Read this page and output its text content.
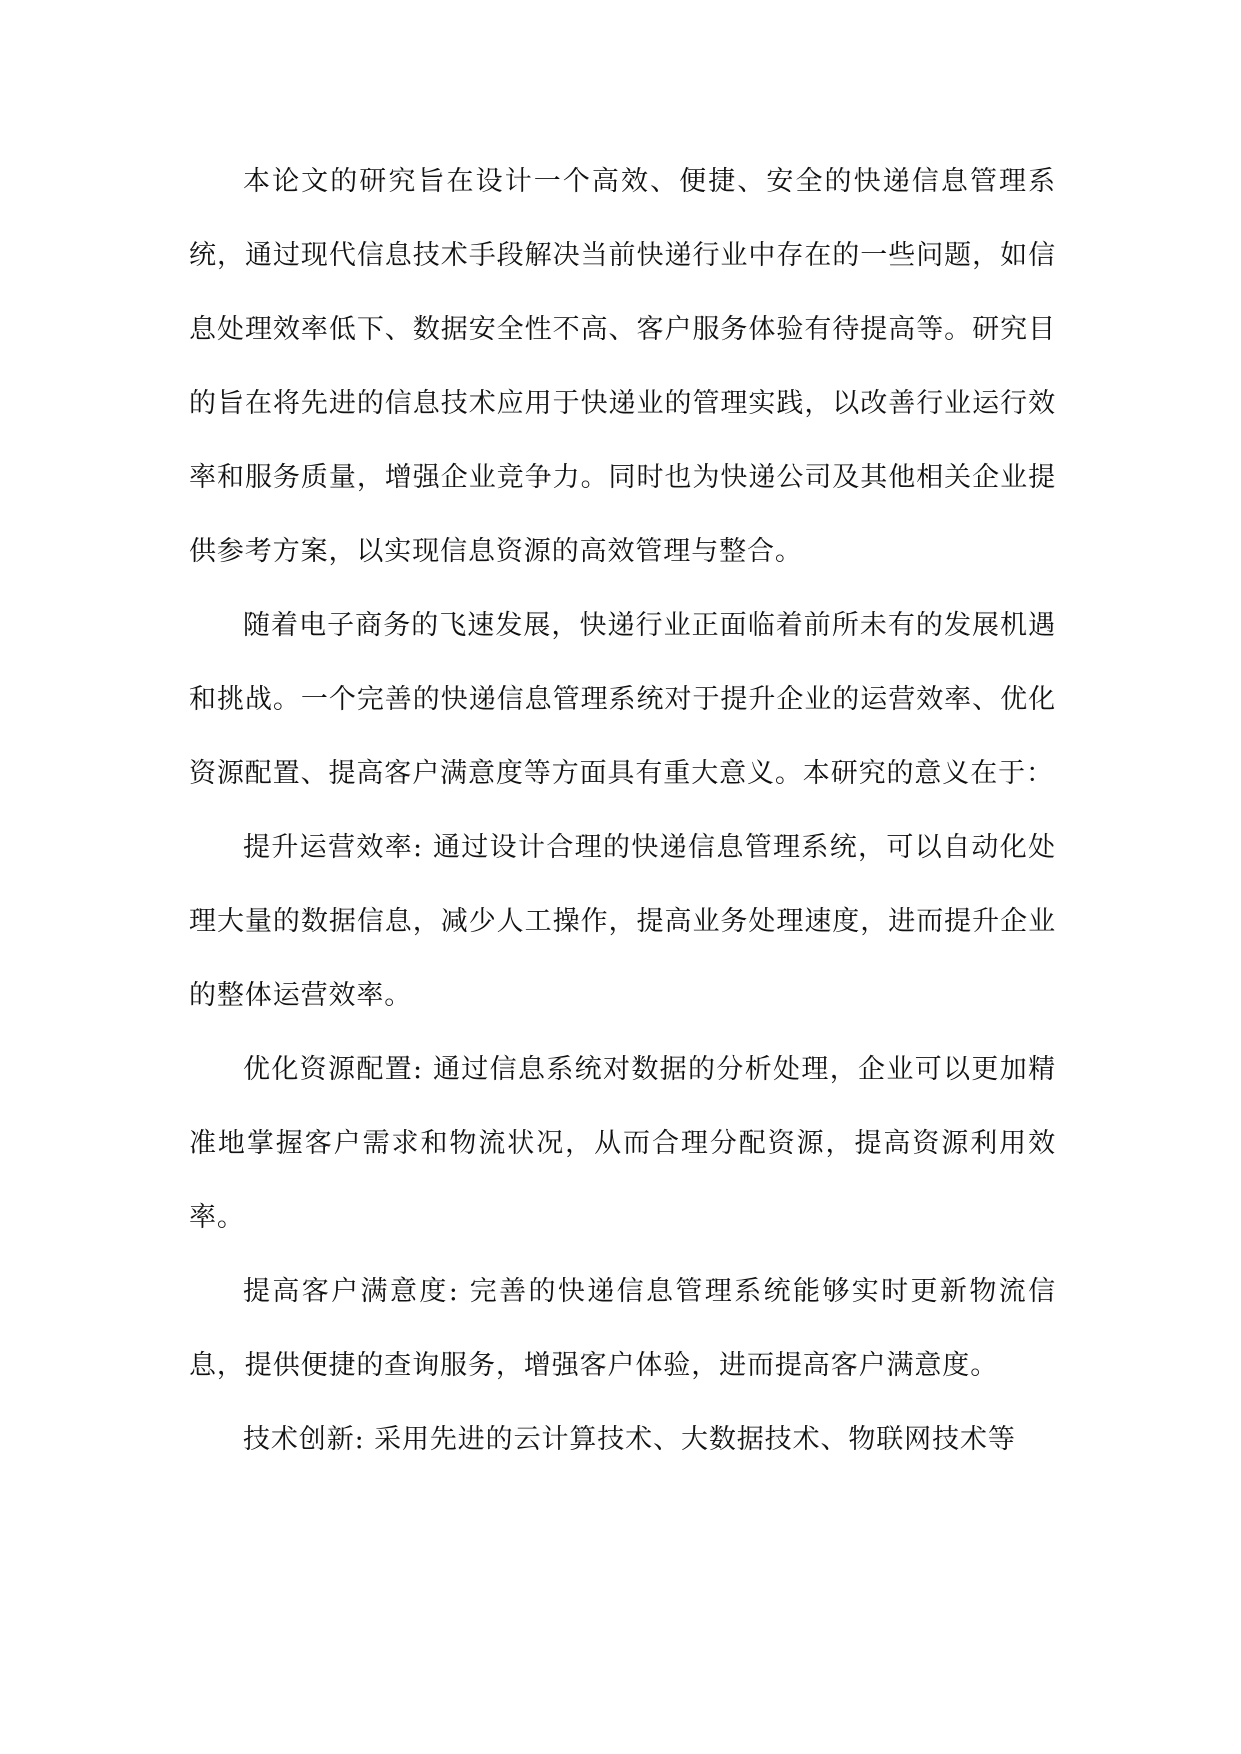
本论文的研究旨在设计一个高效、便捷、安全的快递信息管理系统，通过现代信息技术手段解决当前快递行业中存在的一些问题，如信息处理效率低下、数据安全性不高、客户服务体验有待提高等。研究目的旨在将先进的信息技术应用于快递业的管理实践，以改善行业运行效率和服务质量，增强企业竞争力。同时也为快递公司及其他相关企业提供参考方案，以实现信息资源的高效管理与整合。

随着电子商务的飞速发展，快递行业正面临着前所未有的发展机遇和挑战。一个完善的快递信息管理系统对于提升企业的运营效率、优化资源配置、提高客户满意度等方面具有重大意义。本研究的意义在于：

提升运营效率: 通过设计合理的快递信息管理系统，可以自动化处理大量的数据信息，减少人工操作，提高业务处理速度，进而提升企业的整体运营效率。

优化资源配置: 通过信息系统对数据的分析处理，企业可以更加精准地掌握客户需求和物流状况，从而合理分配资源，提高资源利用效率。

提高客户满意度: 完善的快递信息管理系统能够实时更新物流信息，提供便捷的查询服务，增强客户体验，进而提高客户满意度。

技术创新: 采用先进的云计算技术、大数据技术、物联网技术等
